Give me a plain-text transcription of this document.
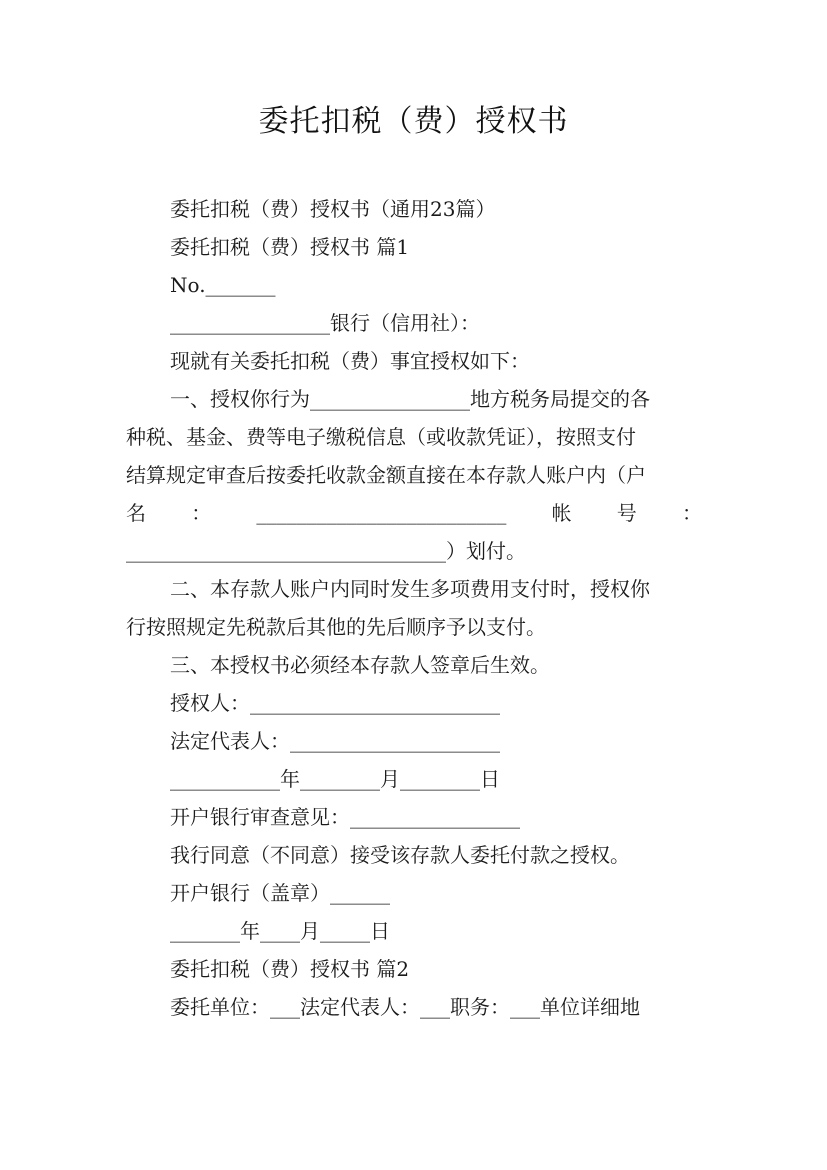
委托扣税（费）授权书
委托扣税（费）授权书（通用23篇）
委托扣税（费）授权书 篇1
No._______
________________银行（信用社）：
现就有关委托扣税（费）事宜授权如下：
一、授权你行为________________地方税务局提交的各
种税、基金、费等电子缴税信息（或收款凭证），按照支付
结算规定审查后按委托收款金额直接在本存款人账户内（户
名 ： _________________________ 帐 号 ：
________________________________）划付。
二、本存款人账户内同时发生多项费用支付时，授权你
行按照规定先税款后其他的先后顺序予以支付。
三、本授权书必须经本存款人签章后生效。
授权人：_________________________
法定代表人：_____________________
___________年________月________日
开户银行审查意见：_________________
我行同意（不同意）接受该存款人委托付款之授权。
开户银行（盖章）______
_______年____月_____日
委托扣税（费）授权书 篇2
委托单位：___法定代表人：___职务：___单位详细地
